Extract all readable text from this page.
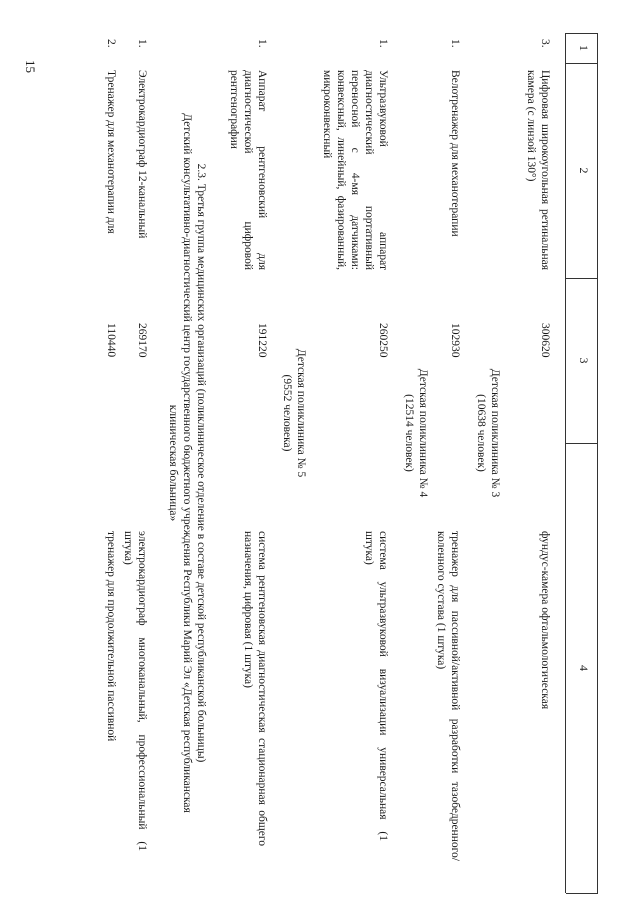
15
1
2
3
4
3.
Цифровая широкоугольная ретинальная камера (с линзой 130°)
300620
фундус-камера офтальмологическая
Детская поликлиника № 3 (10638 человек)
1.
Велотренажер для механотерапии
102930
тренажер для пассивной/активной разработки тазобедренного/коленного сустава (1 штука)
Детская поликлиника № 4 (12514 человек)
1.
Ультразвуковой аппарат диагностический портативный переносной с 4-мя датчиками: конвексный, линейный, фазированный, микроконвексный
260250
система ультразвуковой визуализации универсальная (1 штука)
Детская поликлиника № 5 (9552 человека)
1.
Аппарат рентгеновский для диагностической цифровой рентгенографии
191220
система рентгеновская диагностическая стационарная общего назначения, цифровая (1 штука)
2.3. Третья группа медицинских организаций (поликлиническое отделение в составе детской республиканской больницы)
Детский консультативно-диагностический центр государственного бюджетного учреждения Республики Марий Эл «Детская республиканская клиническая больница»
1.
Электрокардиограф 12-канальный
269170
электрокардиограф многоканальный, профессиональный (1 штука)
2.
Тренажер для механотерапии для
110440
тренажер для продолжительной пассивной
